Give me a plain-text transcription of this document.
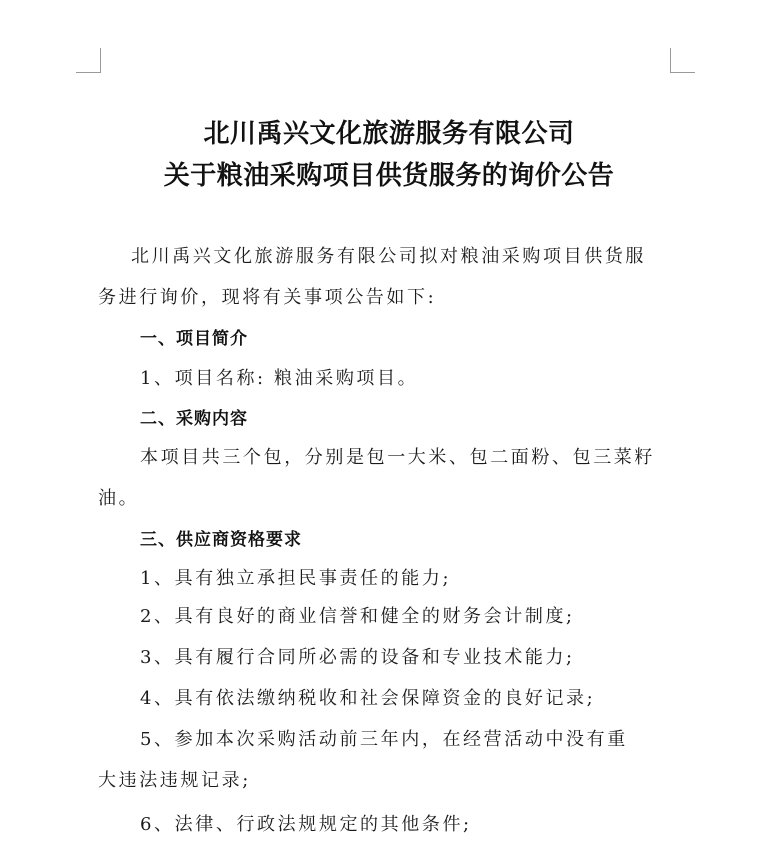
北川禹兴文化旅游服务有限公司
关于粮油采购项目供货服务的询价公告
北川禹兴文化旅游服务有限公司拟对粮油采购项目供货服
务进行询价，现将有关事项公告如下:
一、项目简介
1、项目名称: 粮油采购项目。
二、采购内容
本项目共三个包，分别是包一大米、包二面粉、包三菜籽
油。
三、供应商资格要求
1、具有独立承担民事责任的能力;
2、具有良好的商业信誉和健全的财务会计制度;
3、具有履行合同所必需的设备和专业技术能力;
4、具有依法缴纳税收和社会保障资金的良好记录;
5、参加本次采购活动前三年内，在经营活动中没有重
大违法违规记录;
6、法律、行政法规规定的其他条件;
